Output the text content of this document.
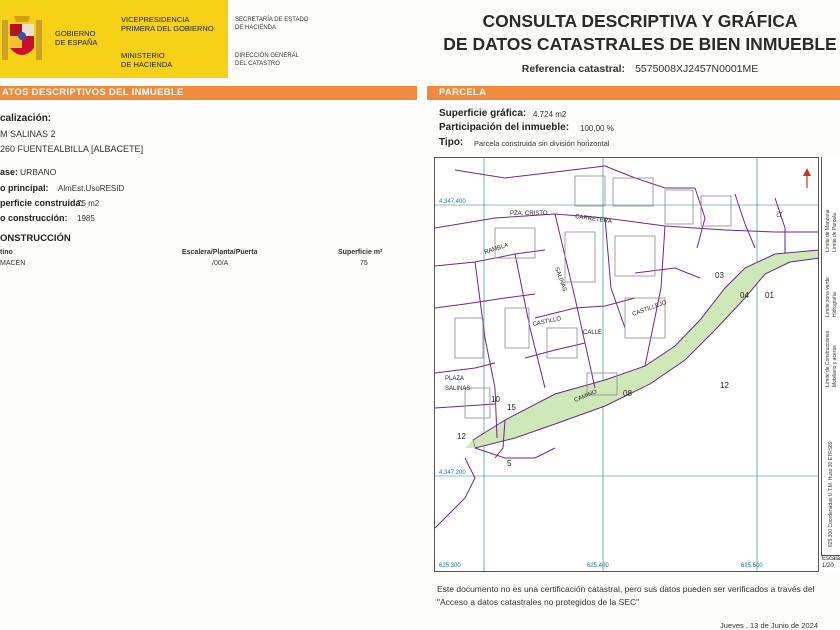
GOBIERNO
DE ESPAÑA
VICEPRESIDENCIA
PRIMERA DEL GOBIERNO
MINISTERIO
DE HACIENDA
SECRETARÍA DE ESTADO
DE HACIENDA
DIRECCIÓN GENERAL
DEL CATASTRO
CONSULTA DESCRIPTIVA Y GRÁFICA
DE DATOS CATASTRALES DE BIEN INMUEBLE
Referencia catastral: 5575008XJ2457N0001ME
ATOS DESCRIPTIVOS DEL INMUEBLE	PARCELA
calización:
M SALINAS 2
260 FUENTEALBILLA [ALBACETE]
ase: URBANO
o principal: AlmEst.UsoRESID
perficie construida:
75 m2
o construcción: 1985
ONSTRUCCIÓN
tino	Escalera/Planta/Puerta	Superficie m²
MACEN	/00/A	75
Superficie gráfica: 4.724 m2
Participación del inmueble: 100,00 %
Tipo: Parcela construida sin división horizontal
PZA. CRISTO
CARRETERA
RAMBLA
SALINAS
CASTILLO
CALLE
CASTILLEJO
CAMINO
PLAZA
SALINAS
CL
08
12
12
15
10
5
01
03
04
4.347.400
4.347.200
625.300	625.400	625.500
Límite de Manzana Límite de Parcela
Límite de Construcciones Mobiliario y aceras
Límite zona verde Hidrografía
625.300 Coordenadas U.T.M. Huso 30 ETRS89
Escala
1/20
Este documento no es una certificación catastral, pero sus datos pueden ser verificados a través del "Acceso a datos catastrales no protegidos de la SEC"
Jueves , 13 de Junio de 2024
